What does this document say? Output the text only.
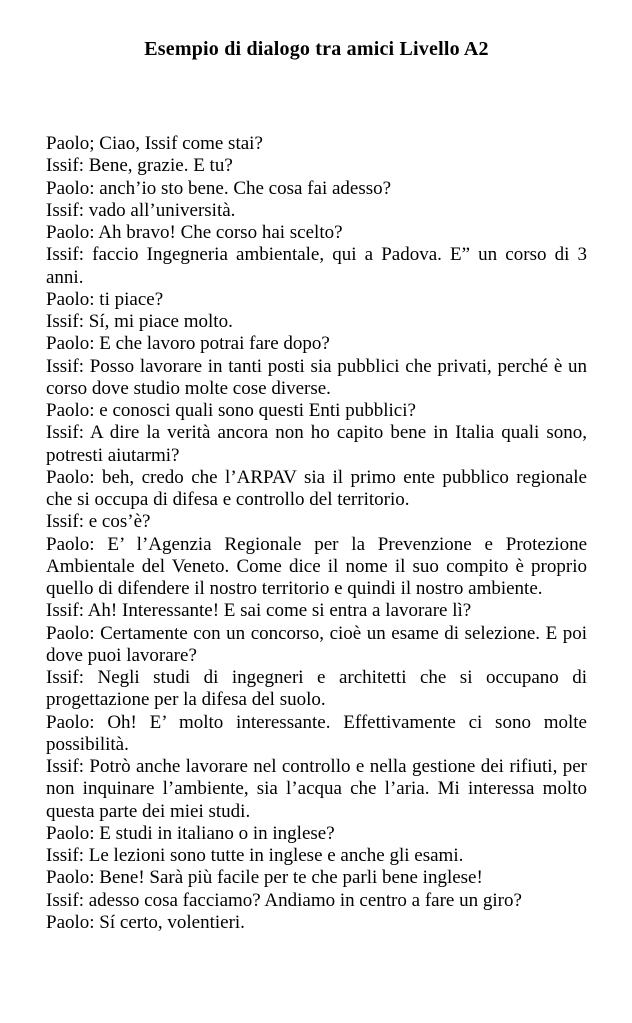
Esempio di dialogo tra amici Livello A2

Paolo; Ciao, Issif come stai?

Issif: Bene, grazie. E tu?

Paolo: anch’io sto bene. Che cosa fai adesso?

Issif: vado all’università.

Paolo: Ah bravo! Che corso hai scelto?

Issif: faccio Ingegneria ambientale, qui a Padova. E” un corso di 3 anni.

Paolo: ti piace?

Issif: Sí, mi piace molto.

Paolo: E che lavoro potrai fare dopo?

Issif: Posso lavorare in tanti posti sia pubblici che privati, perché è un corso dove studio molte cose diverse.

Paolo: e conosci quali sono questi Enti pubblici?

Issif: A dire la verità ancora non ho capito bene in Italia quali sono, potresti aiutarmi?

Paolo: beh, credo che l’ARPAV sia il primo ente pubblico regionale che si occupa di difesa e controllo del territorio.

Issif: e cos’è?

Paolo: E’ l’Agenzia Regionale per la Prevenzione e Protezione Ambientale del Veneto. Come dice il nome il suo compito è proprio quello di difendere il nostro territorio e quindi il nostro ambiente.

Issif: Ah! Interessante! E sai come si entra a lavorare lì?

Paolo: Certamente con un concorso, cioè un esame di selezione. E poi dove puoi lavorare?

Issif: Negli studi di ingegneri e architetti che si occupano di progettazione per la difesa del suolo.

Paolo: Oh! E’ molto interessante. Effettivamente ci sono molte possibilità.

Issif: Potrò anche lavorare nel controllo e nella gestione dei rifiuti, per non inquinare l’ambiente, sia l’acqua che l’aria. Mi interessa molto questa parte dei miei studi.

Paolo: E studi in italiano o in inglese?

Issif: Le lezioni sono tutte in inglese e anche gli esami.

Paolo: Bene! Sarà più facile per te che parli bene inglese!

Issif: adesso cosa facciamo? Andiamo in centro a fare un giro?

Paolo: Sí certo, volentieri.
